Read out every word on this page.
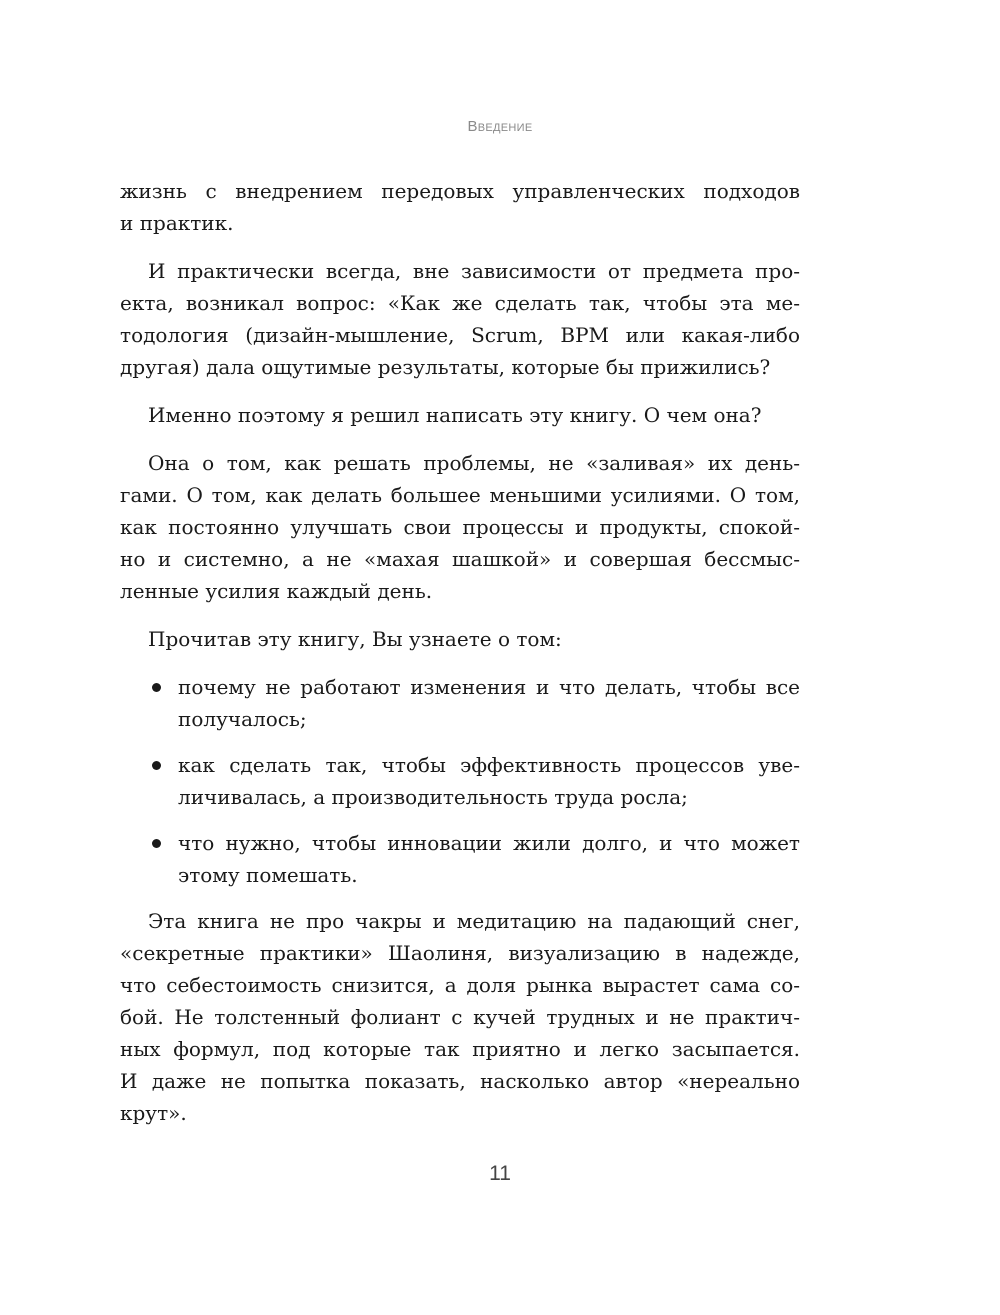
Введение
жизнь с внедрением передовых управленческих подходов
и практик.
И практически всегда, вне зависимости от предмета про-
екта, возникал вопрос: «Как же сделать так, чтобы эта ме-
тодология (дизайн-мышление, Scrum, BPM или какая-либо
другая) дала ощутимые результаты, которые бы прижились?
Именно поэтому я решил написать эту книгу. О чем она?
Она о том, как решать проблемы, не «заливая» их день-
гами. О том, как делать большее меньшими усилиями. О том,
как постоянно улучшать свои процессы и продукты, спокой-
но и системно, а не «махая шашкой» и совершая бессмыс-
ленные усилия каждый день.
Прочитав эту книгу, Вы узнаете о том:
почему не работают изменения и что делать, чтобы все
получалось;
как сделать так, чтобы эффективность процессов уве-
личивалась, а производительность труда росла;
что нужно, чтобы инновации жили долго, и что может
этому помешать.
Эта книга не про чакры и медитацию на падающий снег,
«секретные практики» Шаолиня, визуализацию в надежде,
что себестоимость снизится, а доля рынка вырастет сама со-
бой. Не толстенный фолиант с кучей трудных и не практич-
ных формул, под которые так приятно и легко засыпается.
И даже не попытка показать, насколько автор «нереально
крут».
11
